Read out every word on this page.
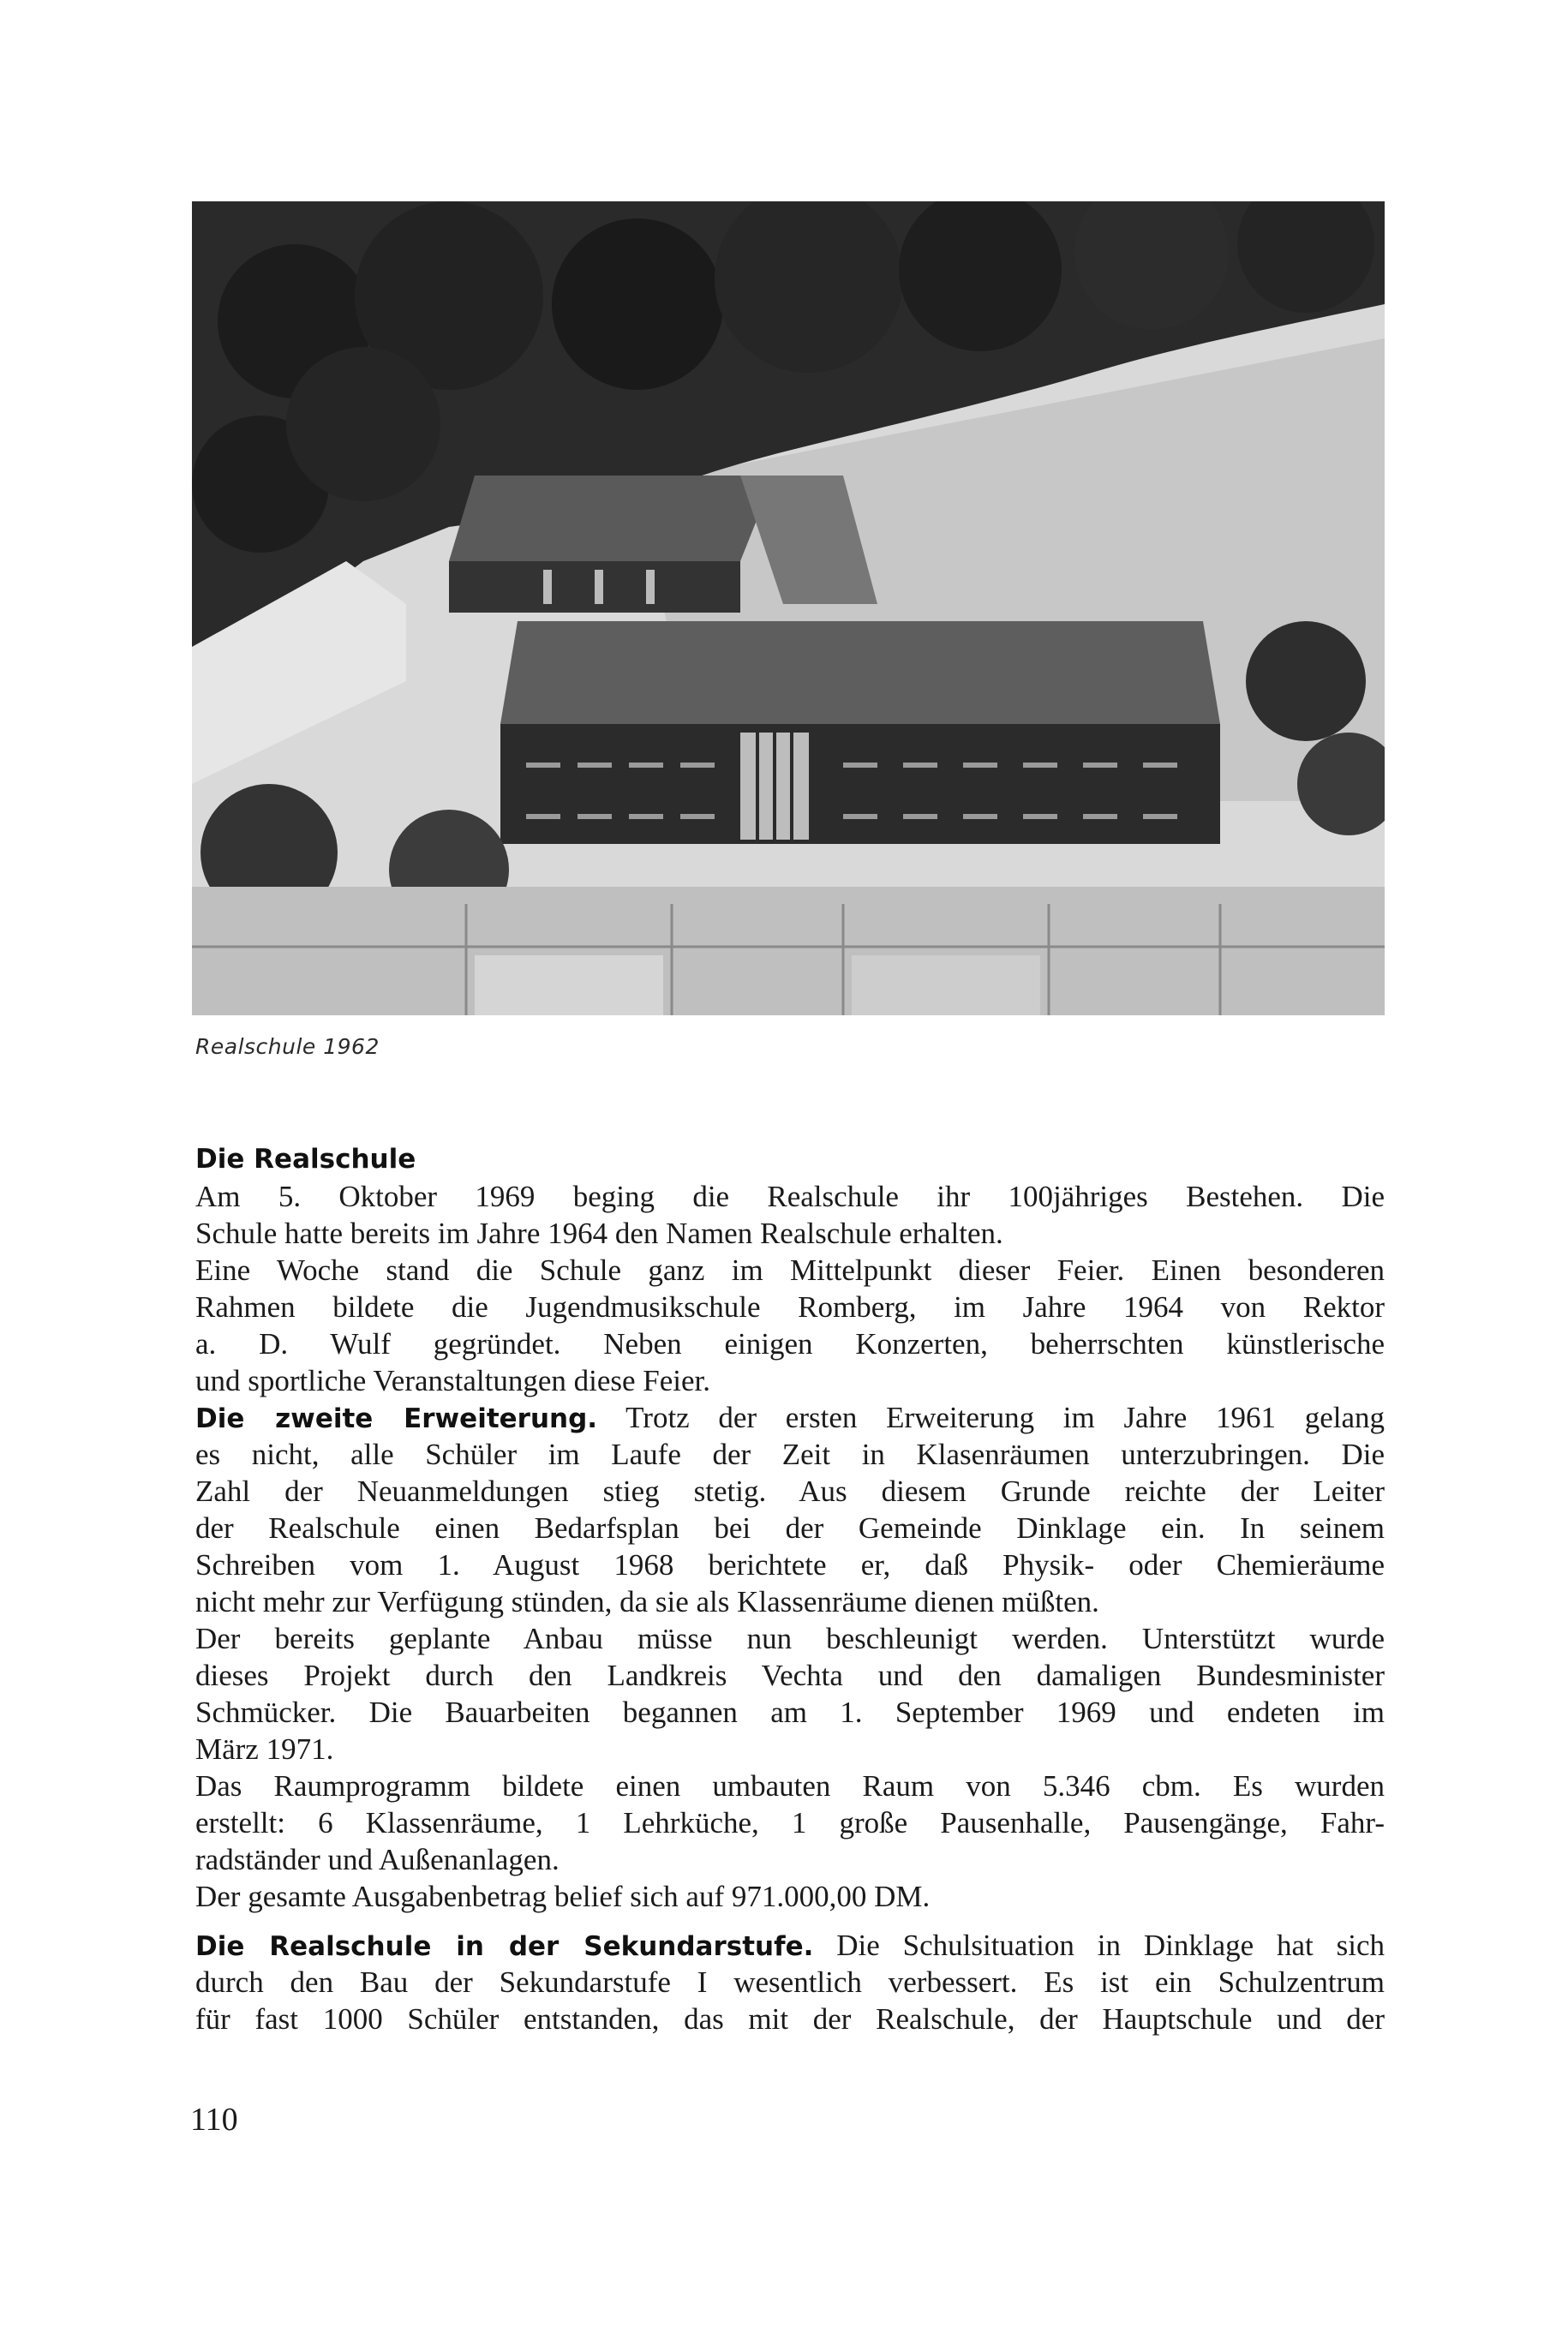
Realschule 1962
Die Realschule
Am 5. Oktober 1969 beging die Realschule ihr 100jähriges Bestehen. Die
Schule hatte bereits im Jahre 1964 den Namen Realschule erhalten.
Eine Woche stand die Schule ganz im Mittelpunkt dieser Feier. Einen besonderen
Rahmen bildete die Jugendmusikschule Romberg, im Jahre 1964 von Rektor
a. D. Wulf gegründet. Neben einigen Konzerten, beherrschten künstlerische
und sportliche Veranstaltungen diese Feier.
Die zweite Erweiterung. Trotz der ersten Erweiterung im Jahre 1961 gelang
es nicht, alle Schüler im Laufe der Zeit in Klasenräumen unterzubringen. Die
Zahl der Neuanmeldungen stieg stetig. Aus diesem Grunde reichte der Leiter
der Realschule einen Bedarfsplan bei der Gemeinde Dinklage ein. In seinem
Schreiben vom 1. August 1968 berichtete er, daß Physik- oder Chemieräume
nicht mehr zur Verfügung stünden, da sie als Klassenräume dienen müßten.
Der bereits geplante Anbau müsse nun beschleunigt werden. Unterstützt wurde
dieses Projekt durch den Landkreis Vechta und den damaligen Bundesminister
Schmücker. Die Bauarbeiten begannen am 1. September 1969 und endeten im
März 1971.
Das Raumprogramm bildete einen umbauten Raum von 5.346 cbm. Es wurden
erstellt: 6 Klassenräume, 1 Lehrküche, 1 große Pausenhalle, Pausengänge, Fahr-
radständer und Außenanlagen.
Der gesamte Ausgabenbetrag belief sich auf 971.000,00 DM.
Die Realschule in der Sekundarstufe. Die Schulsituation in Dinklage hat sich
durch den Bau der Sekundarstufe I wesentlich verbessert. Es ist ein Schulzentrum
für fast 1000 Schüler entstanden, das mit der Realschule, der Hauptschule und der
110
